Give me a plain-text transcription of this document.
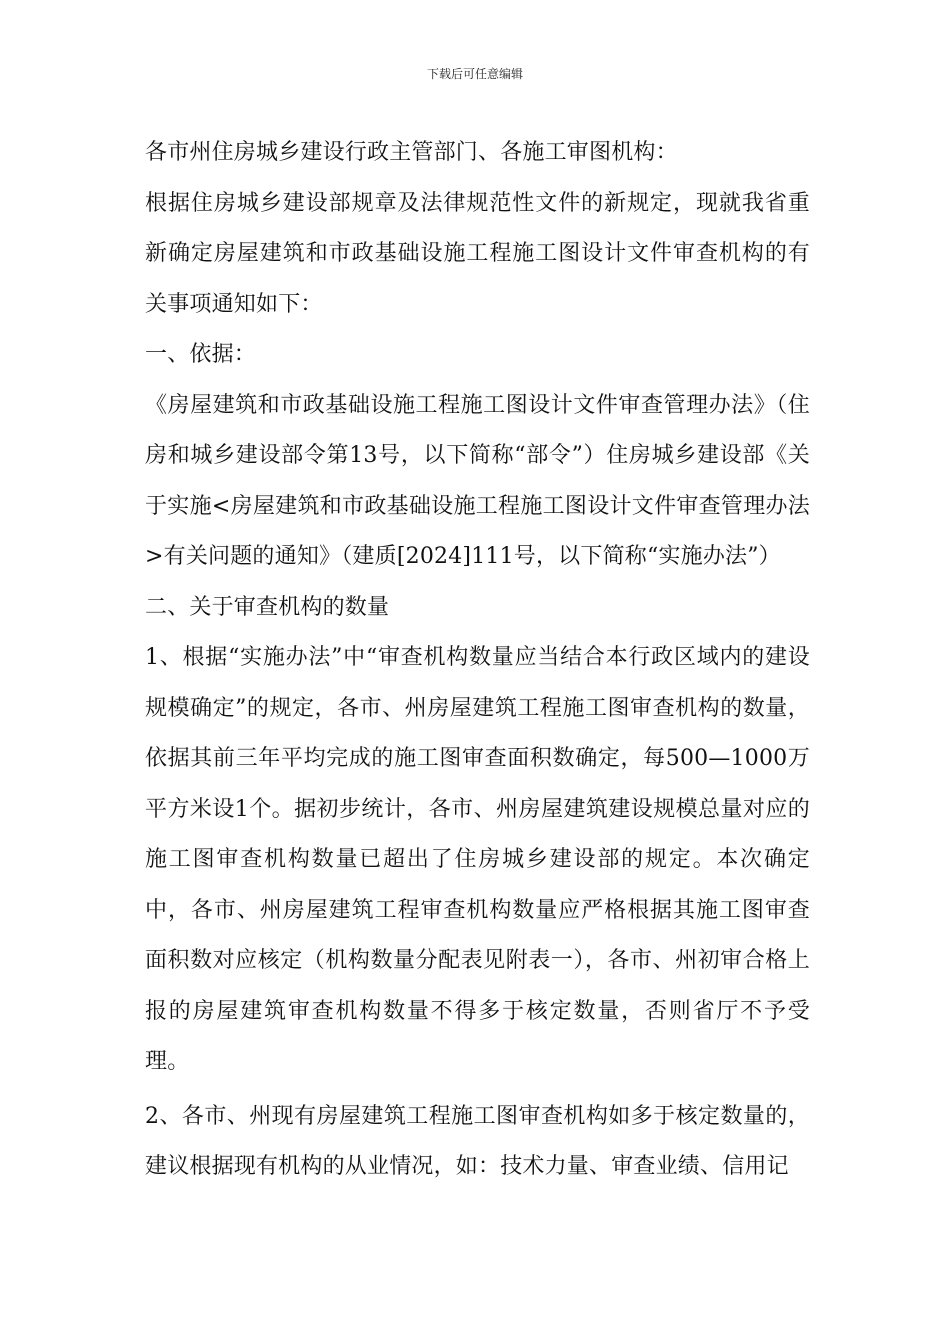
下载后可任意编辑

各市州住房城乡建设行政主管部门、各施工审图机构：

根据住房城乡建设部规章及法律规范性文件的新规定，现就我省重新确定房屋建筑和市政基础设施工程施工图设计文件审查机构的有关事项通知如下：

一、依据：

《房屋建筑和市政基础设施工程施工图设计文件审查管理办法》（住房和城乡建设部令第13号，以下简称“部令”）住房城乡建设部《关于实施<房屋建筑和市政基础设施工程施工图设计文件审查管理办法>有关问题的通知》（建质[2024]111号，以下简称“实施办法”）

二、关于审查机构的数量

1、根据“实施办法”中“审查机构数量应当结合本行政区域内的建设规模确定”的规定，各市、州房屋建筑工程施工图审查机构的数量，依据其前三年平均完成的施工图审查面积数确定，每500—1000万平方米设1个。据初步统计，各市、州房屋建筑建设规模总量对应的施工图审查机构数量已超出了住房城乡建设部的规定。本次确定中，各市、州房屋建筑工程审查机构数量应严格根据其施工图审查面积数对应核定（机构数量分配表见附表一），各市、州初审合格上报的房屋建筑审查机构数量不得多于核定数量，否则省厅不予受理。

2、各市、州现有房屋建筑工程施工图审查机构如多于核定数量的，建议根据现有机构的从业情况，如：技术力量、审查业绩、信用记
